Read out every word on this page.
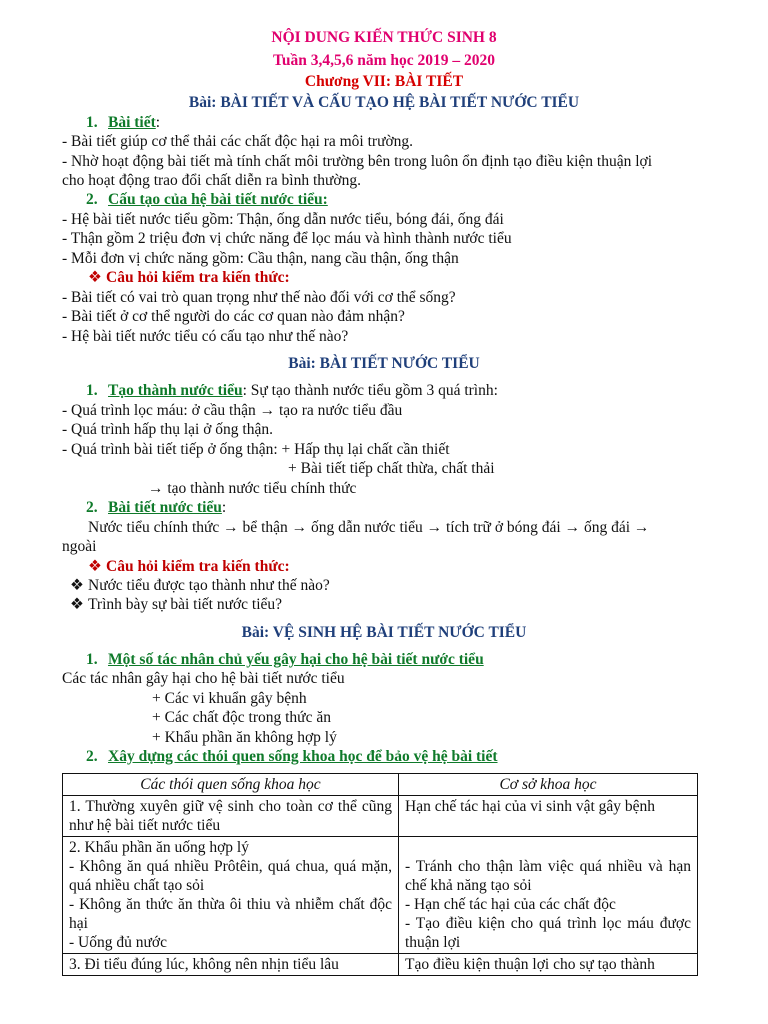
NỘI DUNG KIẾN THỨC SINH 8
Tuần 3,4,5,6 năm học 2019 – 2020
Chương VII: BÀI TIẾT
Bài: BÀI TIẾT VÀ CẤU TẠO HỆ BÀI TIẾT NƯỚC TIỂU
1. Bài tiết:
- Bài tiết giúp cơ thể thải các chất độc hại ra môi trường.
- Nhờ hoạt động bài tiết mà tính chất môi trường bên trong luôn ổn định tạo điều kiện thuận lợi
cho hoạt động trao đổi chất diễn ra bình thường.
2. Cấu tạo của hệ bài tiết nước tiểu:
- Hệ bài tiết nước tiểu gồm: Thận, ống dẫn nước tiểu, bóng đái, ống đái
- Thận gồm 2 triệu đơn vị chức năng để lọc máu và hình thành nước tiểu
- Mỗi đơn vị chức năng gồm: Cầu thận, nang cầu thận, ống thận
❖ Câu hỏi kiểm tra kiến thức:
- Bài tiết có vai trò quan trọng như thế nào đối với cơ thể sống?
- Bài tiết ở cơ thể người do các cơ quan nào đảm nhận?
- Hệ bài tiết nước tiểu có cấu tạo như thế nào?
Bài: BÀI TIẾT NƯỚC TIỂU
1. Tạo thành nước tiểu: Sự tạo thành nước tiểu gồm 3 quá trình:
- Quá trình lọc máu: ở cầu thận → tạo ra nước tiểu đầu
- Quá trình hấp thụ lại ở ống thận.
- Quá trình bài tiết tiếp ở ống thận: + Hấp thụ lại chất cần thiết
+ Bài tiết tiếp chất thừa, chất thải
→ tạo thành nước tiểu chính thức
2. Bài tiết nước tiểu:
Nước tiểu chính thức → bể thận → ống dẫn nước tiểu → tích trữ ở bóng đái → ống đái →
ngoài
❖ Câu hỏi kiểm tra kiến thức:
❖ Nước tiểu được tạo thành như thế nào?
❖ Trình bày sự bài tiết nước tiểu?
Bài: VỆ SINH HỆ BÀI TIẾT NƯỚC TIỂU
1. Một số tác nhân chủ yếu gây hại cho hệ bài tiết nước tiểu
Các tác nhân gây hại cho hệ bài tiết nước tiểu
+ Các vi khuẩn gây bệnh
+ Các chất độc trong thức ăn
+ Khẩu phần ăn không hợp lý
2. Xây dựng các thói quen sống khoa học để bảo vệ hệ bài tiết
Các thói quen sống khoa học	Cơ sở khoa học
1. Thường xuyên giữ vệ sinh cho toàn cơ thể cũng như hệ bài tiết nước tiểu	Hạn chế tác hại của vi sinh vật gây bệnh

2. Khẩu phần ăn uống hợp lý
- Không ăn quá nhiều Prôtêin, quá chua, quá mặn, quá nhiều chất tạo sỏi
- Không ăn thức ăn thừa ôi thiu và nhiễm chất độc hại
- Uống đủ nước	- Tránh cho thận làm việc quá nhiều và hạn chế khả năng tạo sỏi
- Hạn chế tác hại của các chất độc
- Tạo điều kiện cho quá trình lọc máu được thuận lợi

3. Đi tiểu đúng lúc, không nên nhịn tiểu lâu	Tạo điều kiện thuận lợi cho sự tạo thành
